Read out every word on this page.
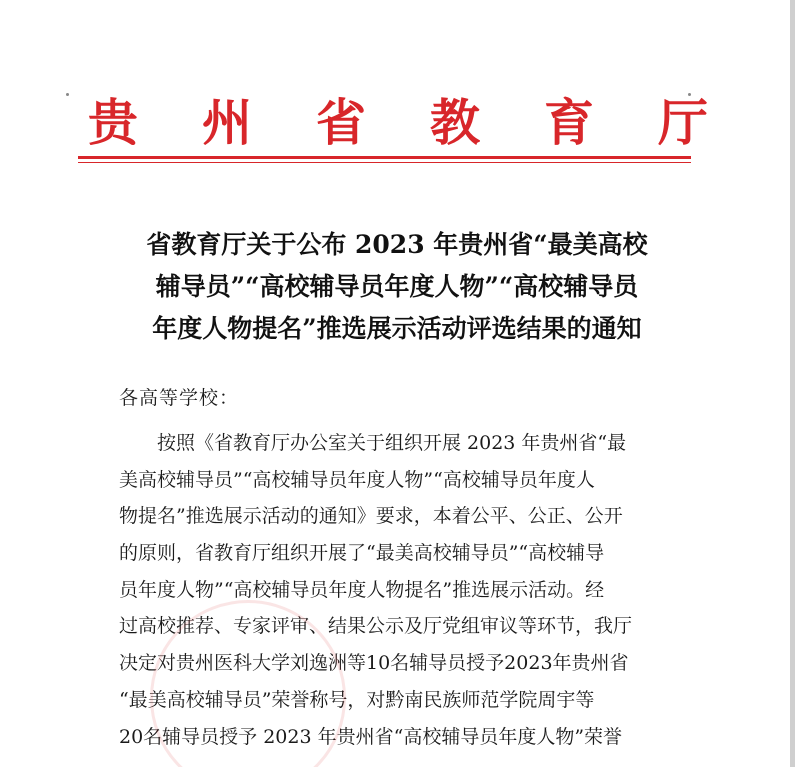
贵 州 省 教 育 厅
省教育厅关于公布 2023 年贵州省“最美高校
辅导员”“高校辅导员年度人物”“高校辅导员
年度人物提名”推选展示活动评选结果的通知
各高等学校：
按照《省教育厅办公室关于组织开展 2023 年贵州省“最
美高校辅导员”“高校辅导员年度人物”“高校辅导员年度人
物提名”推选展示活动的通知》要求，本着公平、公正、公开
的原则，省教育厅组织开展了“最美高校辅导员”“高校辅导
员年度人物”“高校辅导员年度人物提名”推选展示活动。经
过高校推荐、专家评审、结果公示及厅党组审议等环节，我厅
决定对贵州医科大学刘逸洲等10名辅导员授予2023年贵州省
“最美高校辅导员”荣誉称号，对黔南民族师范学院周宇等
20名辅导员授予 2023 年贵州省“高校辅导员年度人物”荣誉
